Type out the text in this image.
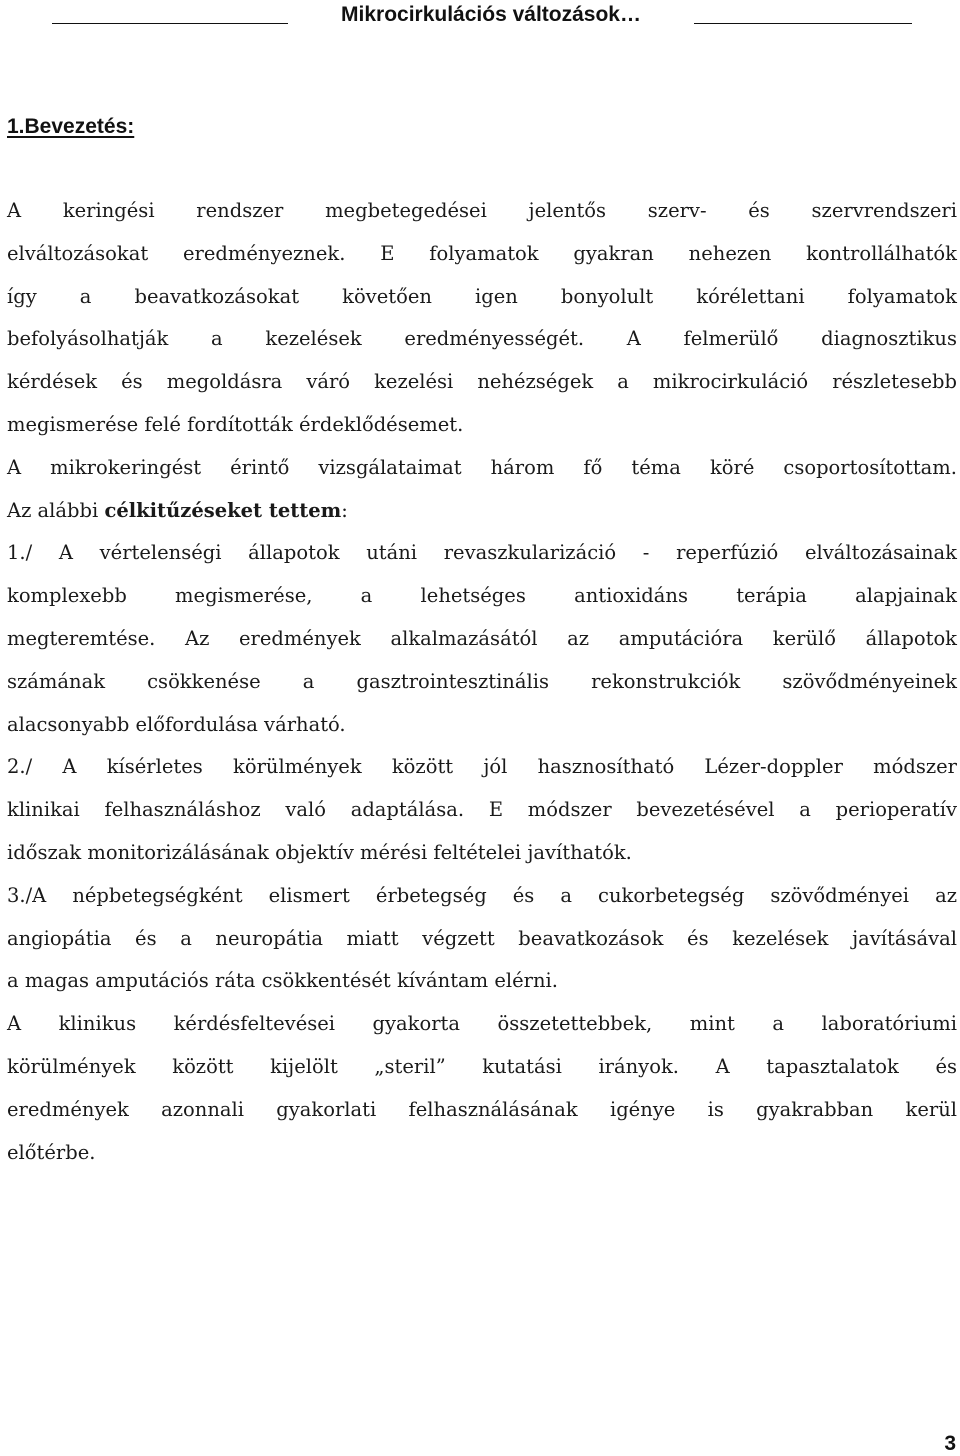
Mikrocirkulációs változások…
1.Bevezetés:

A keringési rendszer megbetegedései jelentős szerv- és szervrendszeri
elváltozásokat eredményeznek. E folyamatok gyakran nehezen kontrollálhatók
így a beavatkozásokat követően igen bonyolult kórélettani folyamatok
befolyásolhatják a kezelések eredményességét. A felmerülő diagnosztikus
kérdések és megoldásra váró kezelési nehézségek a mikrocirkuláció részletesebb
megismerése felé fordították érdeklődésemet.

A mikrokeringést érintő vizsgálataimat három fő téma köré csoportosítottam.
Az alábbi célkitűzéseket tettem:

1./ A vértelenségi állapotok utáni revaszkularizáció - reperfúzió elváltozásainak
komplexebb megismerése, a lehetséges antioxidáns terápia alapjainak
megteremtése. Az eredmények alkalmazásától az amputációra kerülő állapotok
számának csökkenése a gasztrointesztinális rekonstrukciók szövődményeinek
alacsonyabb előfordulása várható.

2./ A kísérletes körülmények között jól hasznosítható Lézer-doppler módszer
klinikai felhasználáshoz való adaptálása. E módszer bevezetésével a perioperatív
időszak monitorizálásának objektív mérési feltételei javíthatók.

3./A népbetegségként elismert érbetegség és a cukorbetegség szövődményei az
angiopátia és a neuropátia miatt végzett beavatkozások és kezelések javításával
a magas amputációs ráta csökkentését kívántam elérni.

A klinikus kérdésfeltevései gyakorta összetettebbek, mint a laboratóriumi
körülmények között kijelölt „steril” kutatási irányok. A tapasztalatok és
eredmények azonnali gyakorlati felhasználásának igénye is gyakrabban kerül
előtérbe.

3
